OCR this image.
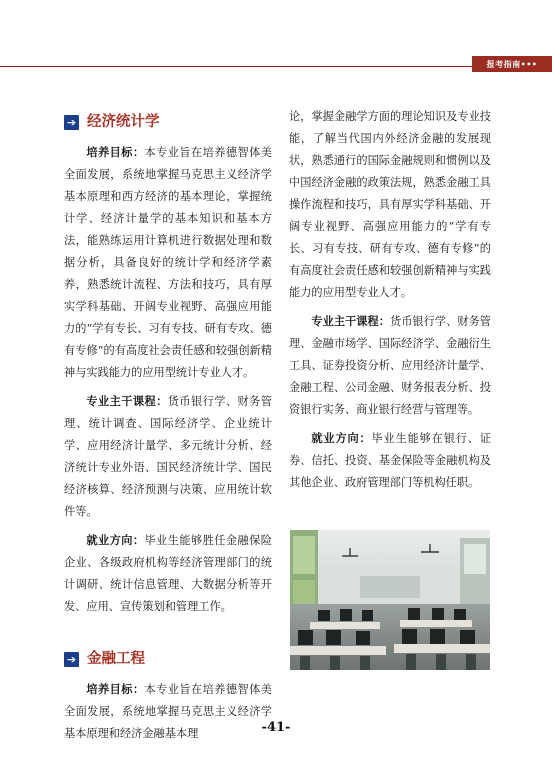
报考指南•••
➔ 经济统计学

培养目标：本专业旨在培养德智体美全面发展，系统地掌握马克思主义经济学基本原理和西方经济的基本理论，掌握统计学、经济计量学的基本知识和基本方法，能熟练运用计算机进行数据处理和数据分析，具备良好的统计学和经济学素养，熟悉统计流程、方法和技巧，具有厚实学科基础、开阔专业视野、高强应用能力的“学有专长、习有专技、研有专攻、德有专修”的有高度社会责任感和较强创新精神与实践能力的应用型统计专业人才。

专业主干课程：货币银行学、财务管理、统计调查、国际经济学、企业统计学、应用经济计量学、多元统计分析、经济统计专业外语、国民经济统计学、国民经济核算、经济预测与决策、应用统计软件等。

就业方向：毕业生能够胜任金融保险企业、各级政府机构等经济管理部门的统计调研、统计信息管理、大数据分析等开发、应用、宣传策划和管理工作。

➔ 金融工程

培养目标：本专业旨在培养德智体美全面发展，系统地掌握马克思主义经济学基本原理和经济金融基本理

论，掌握金融学方面的理论知识及专业技能，了解当代国内外经济金融的发展现状，熟悉通行的国际金融规则和惯例以及中国经济金融的政策法规，熟悉金融工具操作流程和技巧，具有厚实学科基础、开阔专业视野、高强应用能力的“学有专长、习有专技、研有专攻、德有专修”的有高度社会责任感和较强创新精神与实践能力的应用型专业人才。

专业主干课程：货币银行学、财务管理、金融市场学、国际经济学、金融衍生工具、证券投资分析、应用经济计量学、金融工程、公司金融、财务报表分析、投资银行实务、商业银行经营与管理等。

就业方向：毕业生能够在银行、证券、信托、投资、基金保险等金融机构及其他企业、政府管理部门等机构任职。

-41-
